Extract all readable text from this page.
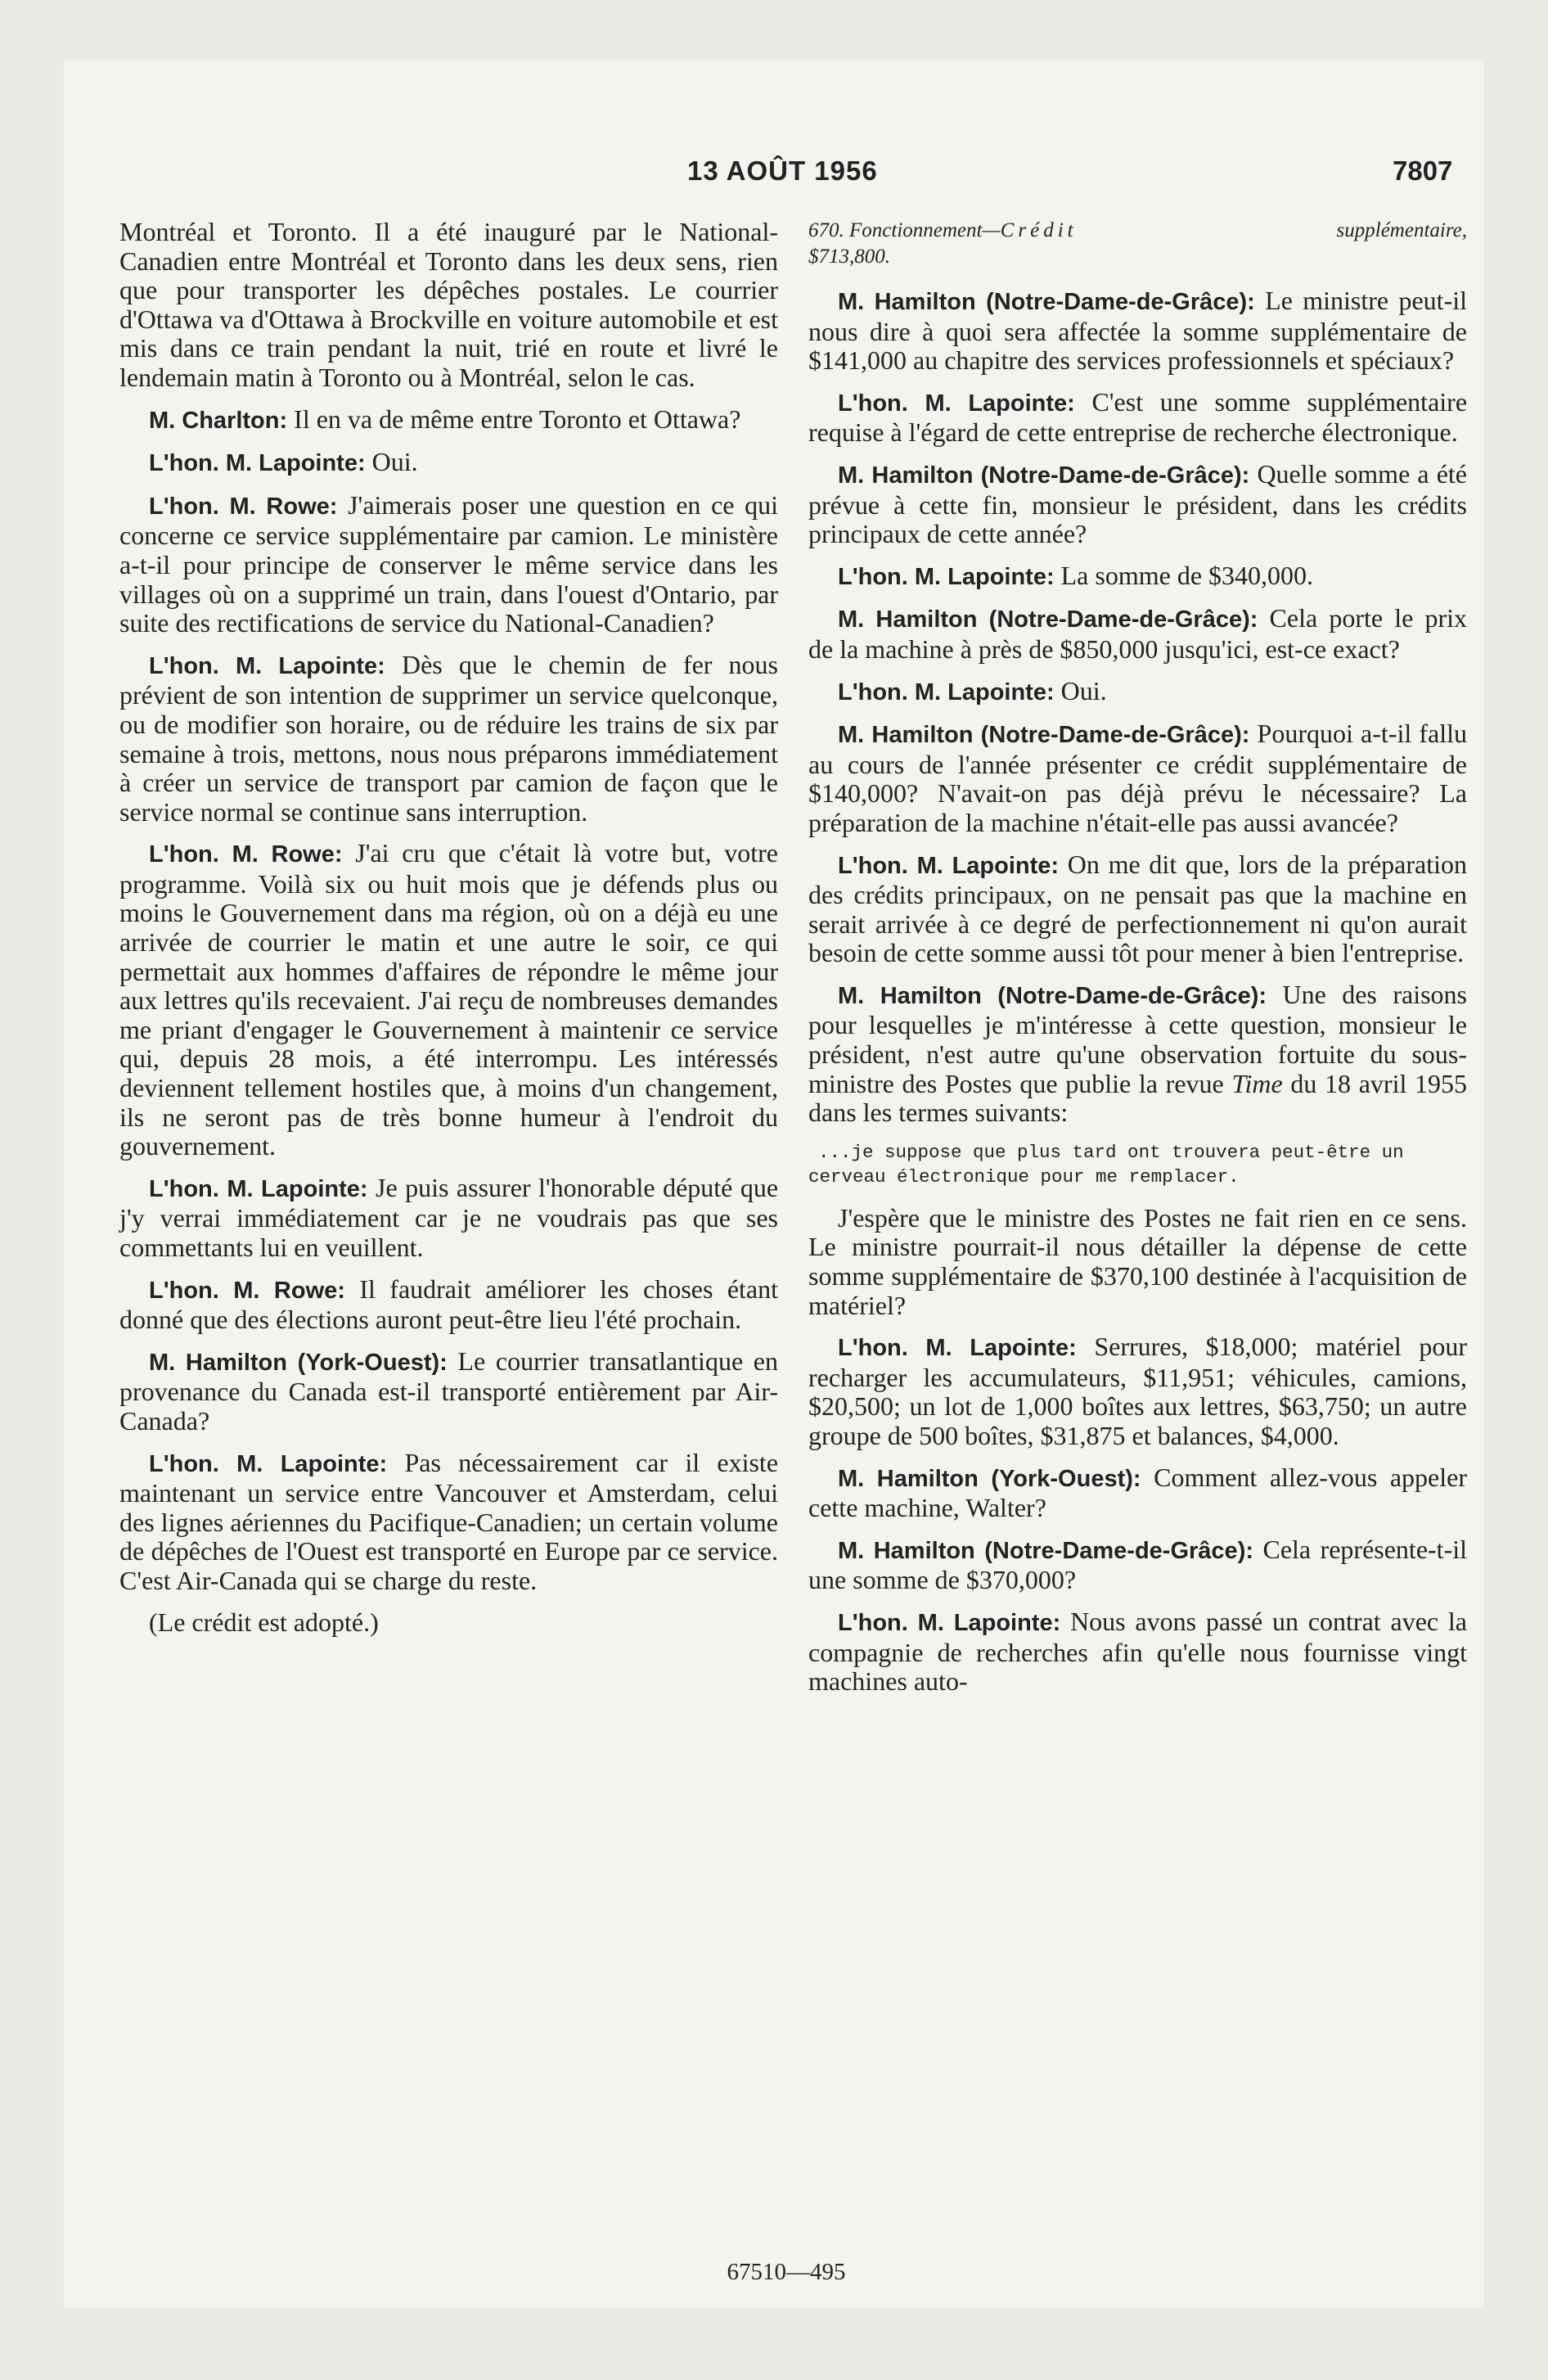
13 AOÛT 1956	7807

Montréal et Toronto. Il a été inauguré par le National-Canadien entre Montréal et Toronto dans les deux sens, rien que pour transporter les dépêches postales. Le courrier d'Ottawa va d'Ottawa à Brockville en voiture automobile et est mis dans ce train pendant la nuit, trié en route et livré le lendemain matin à Toronto ou à Montréal, selon le cas.

M. Charlton: Il en va de même entre Toronto et Ottawa?

L'hon. M. Lapointe: Oui.

L'hon. M. Rowe: J'aimerais poser une question en ce qui concerne ce service supplémentaire par camion. Le ministère a-t-il pour principe de conserver le même service dans les villages où on a supprimé un train, dans l'ouest d'Ontario, par suite des rectifications de service du National-Canadien?

L'hon. M. Lapointe: Dès que le chemin de fer nous prévient de son intention de supprimer un service quelconque, ou de modifier son horaire, ou de réduire les trains de six par semaine à trois, mettons, nous nous préparons immédiatement à créer un service de transport par camion de façon que le service normal se continue sans interruption.

L'hon. M. Rowe: J'ai cru que c'était là votre but, votre programme. Voilà six ou huit mois que je défends plus ou moins le Gouvernement dans ma région, où on a déjà eu une arrivée de courrier le matin et une autre le soir, ce qui permettait aux hommes d'affaires de répondre le même jour aux lettres qu'ils recevaient. J'ai reçu de nombreuses demandes me priant d'engager le Gouvernement à maintenir ce service qui, depuis 28 mois, a été interrompu. Les intéressés deviennent tellement hostiles que, à moins d'un changement, ils ne seront pas de très bonne humeur à l'endroit du gouvernement.

L'hon. M. Lapointe: Je puis assurer l'honorable député que j'y verrai immédiatement car je ne voudrais pas que ses commettants lui en veuillent.

L'hon. M. Rowe: Il faudrait améliorer les choses étant donné que des élections auront peut-être lieu l'été prochain.

M. Hamilton (York-Ouest): Le courrier transatlantique en provenance du Canada est-il transporté entièrement par Air-Canada?

L'hon. M. Lapointe: Pas nécessairement car il existe maintenant un service entre Vancouver et Amsterdam, celui des lignes aériennes du Pacifique-Canadien; un certain volume de dépêches de l'Ouest est transporté en Europe par ce service. C'est Air-Canada qui se charge du reste.

(Le crédit est adopté.)

670. Fonctionnement—Crédit	supplémentaire,

$713,800.

M. Hamilton (Notre-Dame-de-Grâce): Le ministre peut-il nous dire à quoi sera affectée la somme supplémentaire de $141,000 au chapitre des services professionnels et spéciaux?

L'hon. M. Lapointe: C'est une somme supplémentaire requise à l'égard de cette entreprise de recherche électronique.

M. Hamilton (Notre-Dame-de-Grâce): Quelle somme a été prévue à cette fin, monsieur le président, dans les crédits principaux de cette année?

L'hon. M. Lapointe: La somme de $340,000.

M. Hamilton (Notre-Dame-de-Grâce): Cela porte le prix de la machine à près de $850,000 jusqu'ici, est-ce exact?

L'hon. M. Lapointe: Oui.

M. Hamilton (Notre-Dame-de-Grâce): Pourquoi a-t-il fallu au cours de l'année présenter ce crédit supplémentaire de $140,000? N'avait-on pas déjà prévu le nécessaire? La préparation de la machine n'était-elle pas aussi avancée?

L'hon. M. Lapointe: On me dit que, lors de la préparation des crédits principaux, on ne pensait pas que la machine en serait arrivée à ce degré de perfectionnement ni qu'on aurait besoin de cette somme aussi tôt pour mener à bien l'entreprise.

M. Hamilton (Notre-Dame-de-Grâce): Une des raisons pour lesquelles je m'intéresse à cette question, monsieur le président, n'est autre qu'une observation fortuite du sous-ministre des Postes que publie la revue Time du 18 avril 1955 dans les termes suivants:

...je suppose que plus tard ont trouvera peut-être un cerveau électronique pour me remplacer.

J'espère que le ministre des Postes ne fait rien en ce sens. Le ministre pourrait-il nous détailler la dépense de cette somme supplémentaire de $370,100 destinée à l'acquisition de matériel?

L'hon. M. Lapointe: Serrures, $18,000; matériel pour recharger les accumulateurs, $11,951; véhicules, camions, $20,500; un lot de 1,000 boîtes aux lettres, $63,750; un autre groupe de 500 boîtes, $31,875 et balances, $4,000.

M. Hamilton (York-Ouest): Comment allez-vous appeler cette machine, Walter?

M. Hamilton (Notre-Dame-de-Grâce): Cela représente-t-il une somme de $370,000?

L'hon. M. Lapointe: Nous avons passé un contrat avec la compagnie de recherches afin qu'elle nous fournisse vingt machines auto-

67510—495
